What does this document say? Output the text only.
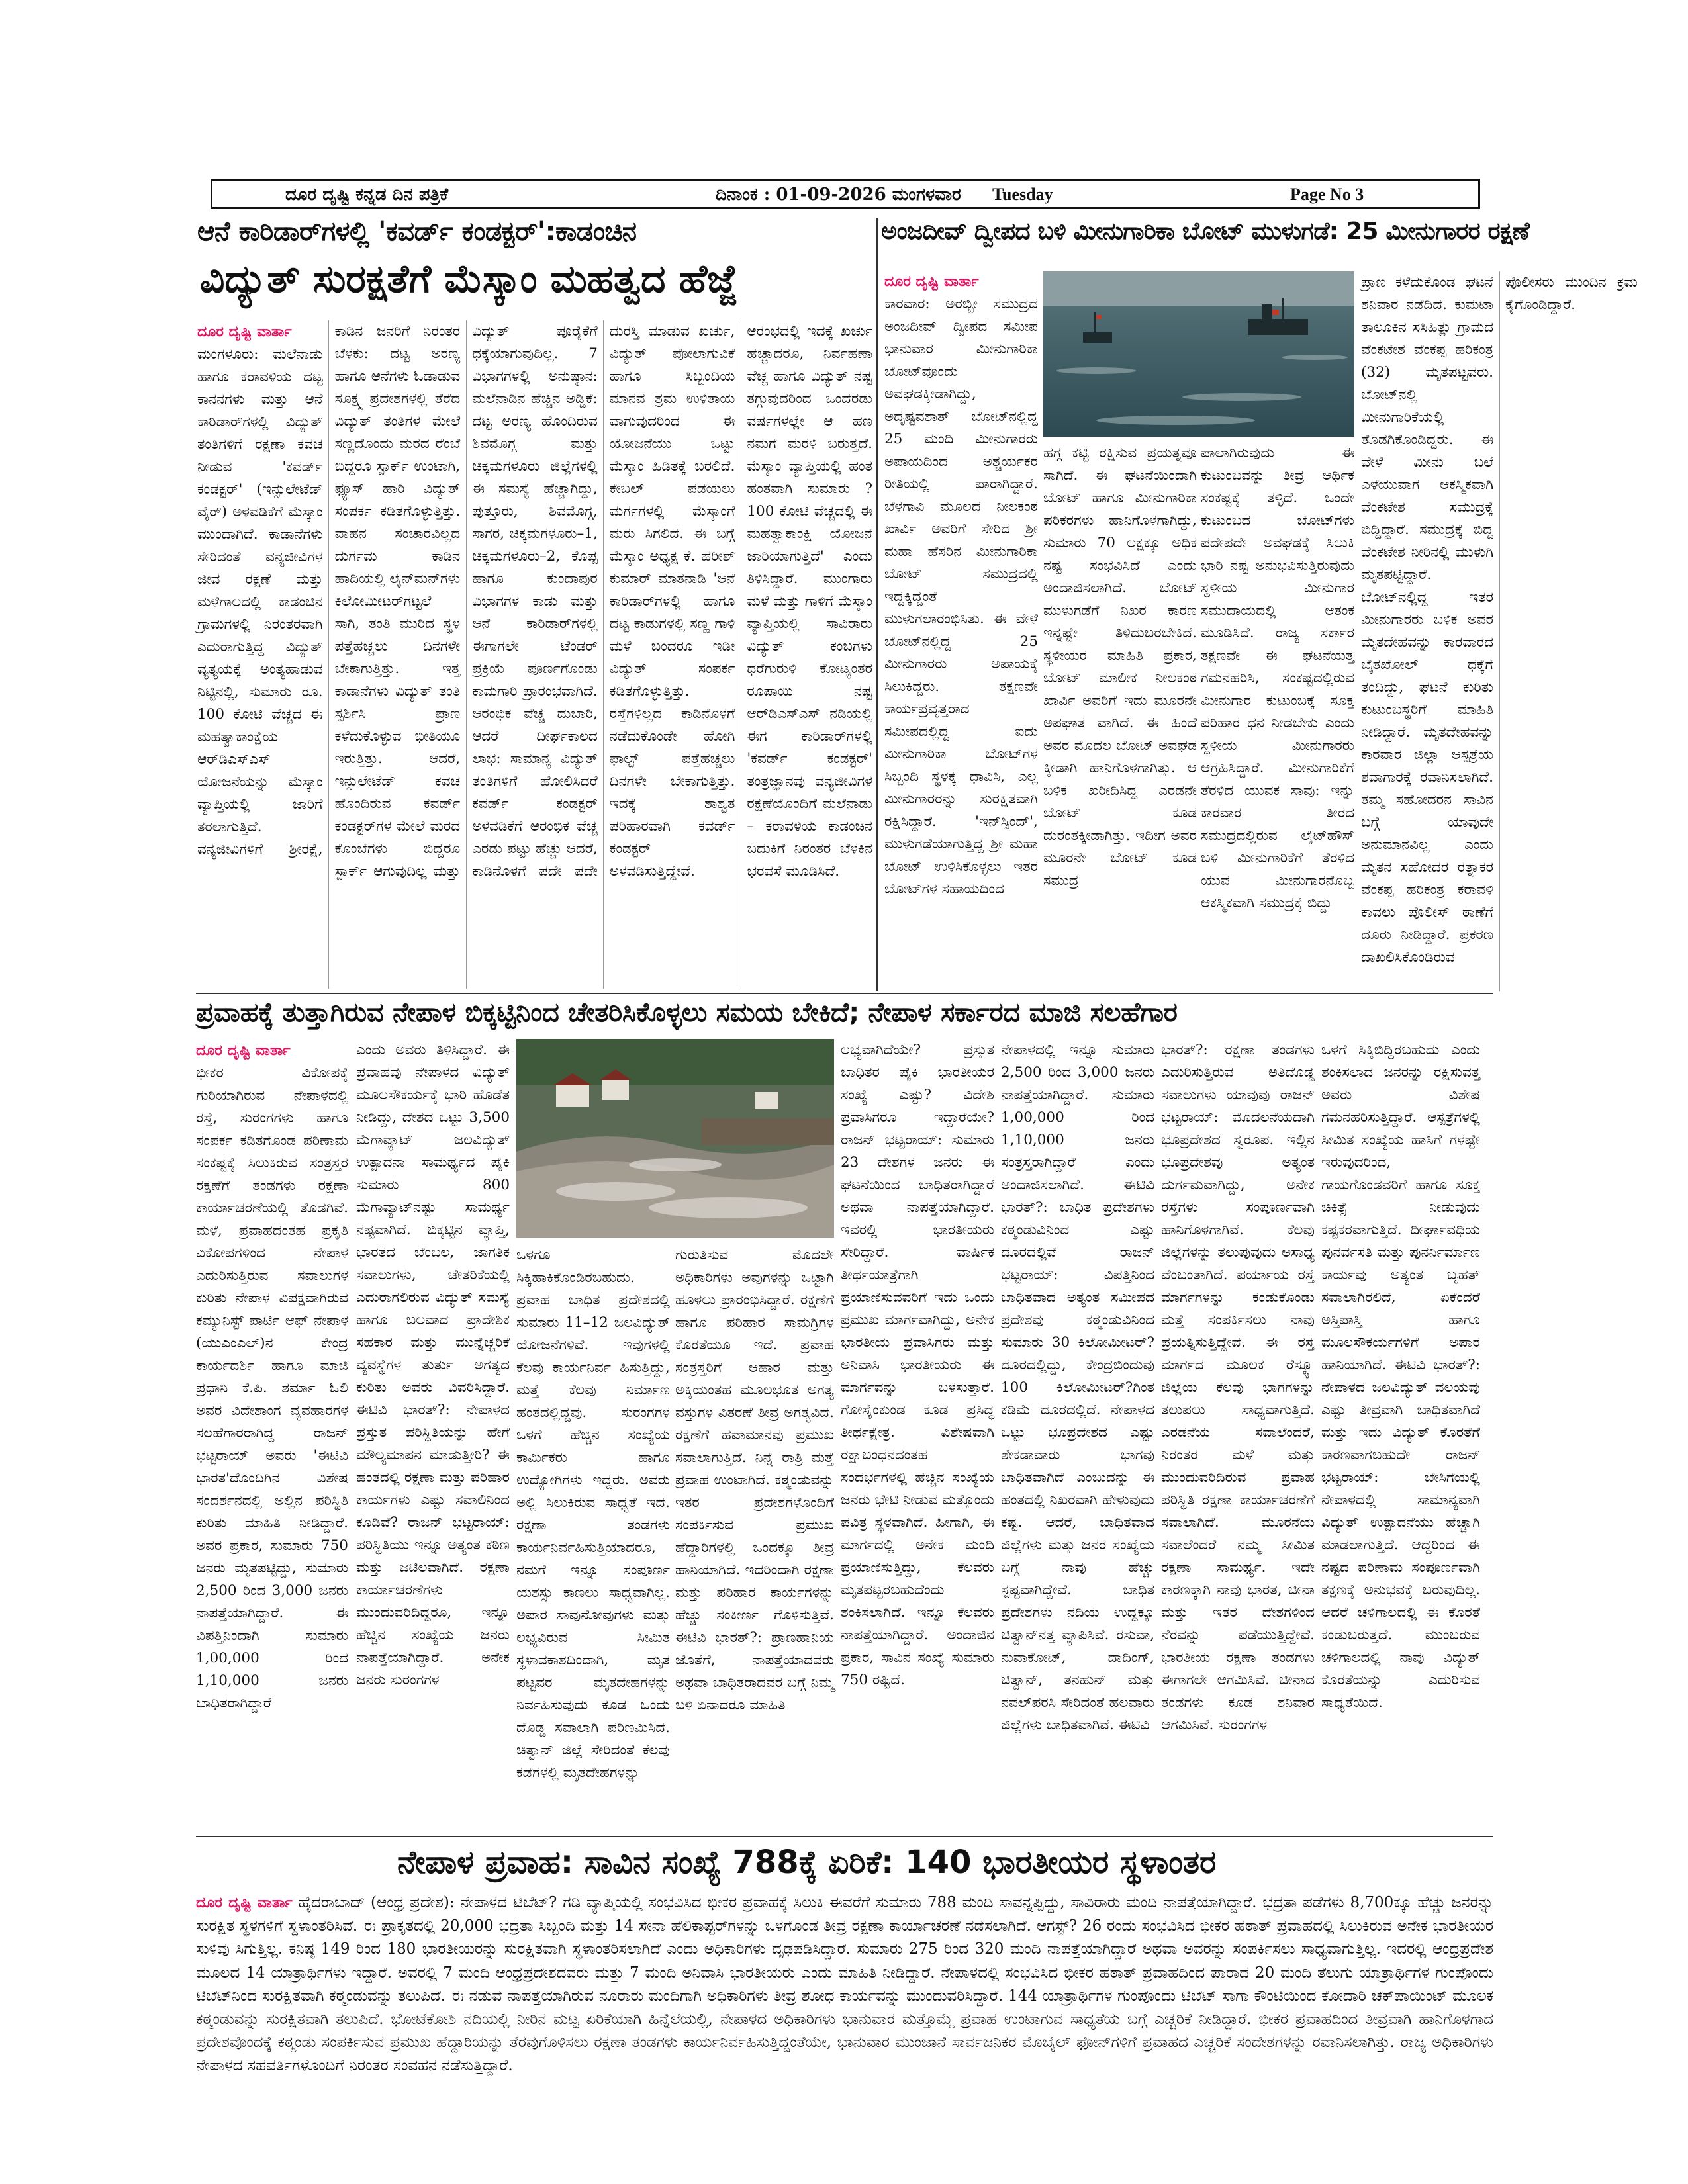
ದೂರ ದೃಷ್ಟಿ ಕನ್ನಡ ದಿನ ಪತ್ರಿಕೆ	ದಿನಾಂಕ : 01-09-2026 ಮಂಗಳವಾರ Tuesday	Page No 3
ಆನೆ ಕಾರಿಡಾರ್‌ಗಳಲ್ಲಿ 'ಕವರ್ಡ್ ಕಂಡಕ್ಟರ್':ಕಾಡಂಚಿನ
ವಿದ್ಯುತ್ ಸುರಕ್ಷತೆಗೆ ಮೆಸ್ಕಾಂ ಮಹತ್ವದ ಹೆಜ್ಜೆ

ದೂರ ದೃಷ್ಟಿ ವಾರ್ತಾ

ಮಂಗಳೂರು: ಮಲೆನಾಡು ಹಾಗೂ ಕರಾವಳಿಯ ದಟ್ಟ ಕಾನನಗಳು ಮತ್ತು ಆನೆ ಕಾರಿಡಾರ್‌ಗಳಲ್ಲಿ ವಿದ್ಯುತ್ ತಂತಿಗಳಿಗೆ ರಕ್ಷಣಾ ಕವಚ ನೀಡುವ 'ಕವರ್ಡ್ ಕಂಡಕ್ಟರ್' (ಇನ್ಸುಲೇಟೆಡ್ ವೈರ್) ಅಳವಡಿಕೆಗೆ ಮೆಸ್ಕಾಂ ಮುಂದಾಗಿದೆ. ಕಾಡಾನೆಗಳು ಸೇರಿದಂತೆ ವನ್ಯಜೀವಿಗಳ ಜೀವ ರಕ್ಷಣೆ ಮತ್ತು ಮಳೆಗಾಲದಲ್ಲಿ ಕಾಡಂಚಿನ ಗ್ರಾಮಗಳಲ್ಲಿ ನಿರಂತರವಾಗಿ ಎದುರಾಗುತ್ತಿದ್ದ ವಿದ್ಯುತ್ ವ್ಯತ್ಯಯಕ್ಕೆ ಅಂತ್ಯಹಾಡುವ ನಿಟ್ಟಿನಲ್ಲಿ, ಸುಮಾರು ರೂ. 100 ಕೋಟಿ ವೆಚ್ಚದ ಈ ಮಹತ್ವಾಕಾಂಕ್ಷೆಯ ಆರ್‌ಡಿಎಸ್‌ಎಸ್ ಯೋಜನೆಯನ್ನು ಮೆಸ್ಕಾಂ ವ್ಯಾಪ್ತಿಯಲ್ಲಿ ಜಾರಿಗೆ ತರಲಾಗುತ್ತಿದೆ. ವನ್ಯಜೀವಿಗಳಿಗೆ ಶ್ರೀರಕ್ಷೆ, ಕಾಡಿನ ಜನರಿಗೆ ನಿರಂತರ ಬೆಳಕು: ದಟ್ಟ ಅರಣ್ಯ ಹಾಗೂ ಆನೆಗಳು ಓಡಾಡುವ ಸೂಕ್ಷ್ಮ ಪ್ರದೇಶಗಳಲ್ಲಿ ತೆರೆದ ವಿದ್ಯುತ್ ತಂತಿಗಳ ಮೇಲೆ ಸಣ್ಣದೊಂದು ಮರದ ರೆಂಬೆ ಬಿದ್ದರೂ ಸ್ಪಾರ್ಕ್ ಉಂಟಾಗಿ, ಫ್ಯೂಸ್ ಹಾರಿ ವಿದ್ಯುತ್ ಸಂಪರ್ಕ ಕಡಿತಗೊಳ್ಳುತ್ತಿತ್ತು. ವಾಹನ ಸಂಚಾರವಿಲ್ಲದ ದುರ್ಗಮ ಕಾಡಿನ ಹಾದಿಯಲ್ಲಿ ಲೈನ್‌ಮನ್‌ಗಳು ಕಿಲೋಮೀಟರ್‌ಗಟ್ಟಲೆ ಸಾಗಿ, ತಂತಿ ಮುರಿದ ಸ್ಥಳ ಪತ್ತೆಹಚ್ಚಲು ದಿನಗಳೇ ಬೇಕಾಗುತ್ತಿತ್ತು. ಇತ್ತ ಕಾಡಾನೆಗಳು ವಿದ್ಯುತ್ ತಂತಿ ಸ್ಪರ್ಶಿಸಿ ಪ್ರಾಣ ಕಳೆದುಕೊಳ್ಳುವ ಭೀತಿಯೂ ಇರುತ್ತಿತ್ತು. ಆದರೆ, ಇನ್ಸುಲೇಟೆಡ್ ಕವಚ ಹೊಂದಿರುವ ಕವರ್ಡ್ ಕಂಡಕ್ಟರ್‌ಗಳ ಮೇಲೆ ಮರದ ಕೊಂಬೆಗಳು ಬಿದ್ದರೂ ಸ್ಪಾರ್ಕ್ ಆಗುವುದಿಲ್ಲ ಮತ್ತು ವಿದ್ಯುತ್ ಪೂರೈಕೆಗೆ ಧಕ್ಕೆಯಾಗುವುದಿಲ್ಲ. 7 ವಿಭಾಗಗಳಲ್ಲಿ ಅನುಷ್ಠಾನ: ಮಲೆನಾಡಿನ ಹೆಚ್ಚಿನ ಅಡ್ಡಿಕೆ: ದಟ್ಟ ಅರಣ್ಯ ಹೊಂದಿರುವ ಶಿವಮೊಗ್ಗ ಮತ್ತು ಚಿಕ್ಕಮಗಳೂರು ಜಿಲ್ಲೆಗಳಲ್ಲಿ ಈ ಸಮಸ್ಯೆ ಹೆಚ್ಚಾಗಿದ್ದು, ಪುತ್ತೂರು, ಶಿವಮೊಗ್ಗ, ಸಾಗರ, ಚಿಕ್ಕಮಗಳೂರು–1, ಚಿಕ್ಕಮಗಳೂರು–2, ಕೊಪ್ಪ ಹಾಗೂ ಕುಂದಾಪುರ ವಿಭಾಗಗಳ ಕಾಡು ಮತ್ತು ಆನೆ ಕಾರಿಡಾರ್‌ಗಳಲ್ಲಿ ಈಗಾಗಲೇ ಟೆಂಡರ್ ಪ್ರಕ್ರಿಯೆ ಪೂರ್ಣಗೊಂಡು ಕಾಮಗಾರಿ ಪ್ರಾರಂಭವಾಗಿದೆ. ಆರಂಭಿಕ ವೆಚ್ಚ ದುಬಾರಿ, ಆದರೆ ದೀರ್ಘಕಾಲದ ಲಾಭ: ಸಾಮಾನ್ಯ ವಿದ್ಯುತ್ ತಂತಿಗಳಿಗೆ ಹೋಲಿಸಿದರೆ ಕವರ್ಡ್ ಕಂಡಕ್ಟರ್ ಅಳವಡಿಕೆಗೆ ಆರಂಭಿಕ ವೆಚ್ಚ ಎರಡು ಪಟ್ಟು ಹೆಚ್ಚು ಆದರೆ, ಕಾಡಿನೊಳಗೆ ಪದೇ ಪದೇ ದುರಸ್ತಿ ಮಾಡುವ ಖರ್ಚು, ವಿದ್ಯುತ್ ಪೋಲಾಗುವಿಕೆ ಹಾಗೂ ಸಿಬ್ಬಂದಿಯ ಮಾನವ ಶ್ರಮ ಉಳಿತಾಯ ವಾಗುವುದರಿಂದ ಈ ಯೋಜನೆಯು ಒಟ್ಟು ಮೆಸ್ಕಾಂ ಹಿಡಿತಕ್ಕೆ ಬರಲಿದೆ. ಕೇಬಲ್ ಪಡೆಯಲು ಮರ್ಗಗಳಲ್ಲಿ ಮೆಸ್ಕಾಂಗೆ ಮರು ಸಿಗಲಿದೆ. ಈ ಬಗ್ಗೆ ಮೆಸ್ಕಾಂ ಅಧ್ಯಕ್ಷ ಕೆ. ಹರೀಶ್ ಕುಮಾರ್ ಮಾತನಾಡಿ 'ಆನೆ ಕಾರಿಡಾರ್‌ಗಳಲ್ಲಿ ಹಾಗೂ ದಟ್ಟ ಕಾಡುಗಳಲ್ಲಿ ಸಣ್ಣ ಗಾಳಿ ಮಳೆ ಬಂದರೂ ಇಡೀ ವಿದ್ಯುತ್ ಸಂಪರ್ಕ ಕಡಿತಗೊಳ್ಳುತ್ತಿತ್ತು. ರಸ್ತೆಗಳಿಲ್ಲದ ಕಾಡಿನೊಳಗೆ ನಡೆದುಕೊಂಡೇ ಹೋಗಿ ಫಾಲ್ಟ್ ಪತ್ತೆಹಚ್ಚಲು ದಿನಗಳೇ ಬೇಕಾಗುತ್ತಿತ್ತು. ಇದಕ್ಕೆ ಶಾಶ್ವತ ಪರಿಹಾರವಾಗಿ ಕವರ್ಡ್ ಕಂಡಕ್ಟರ್ ಅಳವಡಿಸುತ್ತಿದ್ದೇವೆ. ಆರಂಭದಲ್ಲಿ ಇದಕ್ಕೆ ಖರ್ಚು ಹೆಚ್ಚಾದರೂ, ನಿರ್ವಹಣಾ ವೆಚ್ಚ ಹಾಗೂ ವಿದ್ಯುತ್ ನಷ್ಟ ತಗ್ಗುವುದರಿಂದ ಒಂದೆರಡು ವರ್ಷಗಳಲ್ಲೇ ಆ ಹಣ ನಮಗೆ ಮರಳಿ ಬರುತ್ತದೆ. ಮೆಸ್ಕಾಂ ವ್ಯಾಪ್ತಿಯಲ್ಲಿ ಹಂತ ಹಂತವಾಗಿ ಸುಮಾರು ?100 ಕೋಟಿ ವೆಚ್ಚದಲ್ಲಿ ಈ ಮಹತ್ವಾಕಾಂಕ್ಷಿ ಯೋಜನೆ ಜಾರಿಯಾಗುತ್ತಿದೆ' ಎಂದು ತಿಳಿಸಿದ್ದಾರೆ. ಮುಂಗಾರು ಮಳೆ ಮತ್ತು ಗಾಳಿಗೆ ಮೆಸ್ಕಾಂ ವ್ಯಾಪ್ತಿಯಲ್ಲಿ ಸಾವಿರಾರು ವಿದ್ಯುತ್ ಕಂಬಗಳು ಧರೆಗುರುಳಿ ಕೋಟ್ಯಂತರ ರೂಪಾಯಿ ನಷ್ಟ ಆರ್‌ಡಿಎಸ್‌ಎಸ್ ನಡಿಯಲ್ಲಿ ಈಗ ಕಾರಿಡಾರ್‌ಗಳಲ್ಲಿ 'ಕವರ್ಡ್ ಕಂಡಕ್ಟರ್' ತಂತ್ರಜ್ಞಾನವು ವನ್ಯಜೀವಿಗಳ ರಕ್ಷಣೆಯೊಂದಿಗೆ ಮಲೆನಾಡು – ಕರಾವಳಿಯ ಕಾಡಂಚಿನ ಬದುಕಿಗೆ ನಿರಂತರ ಬೆಳಕಿನ ಭರವಸೆ ಮೂಡಿಸಿದೆ.

ಅಂಜದೀವ್ ದ್ವೀಪದ ಬಳಿ ಮೀನುಗಾರಿಕಾ ಬೋಟ್ ಮುಳುಗಡೆ: 25 ಮೀನುಗಾರರ ರಕ್ಷಣೆ

ದೂರ ದೃಷ್ಟಿ ವಾರ್ತಾ

ಕಾರವಾರ: ಅರಬ್ಬೀ ಸಮುದ್ರದ ಅಂಜದೀವ್ ದ್ವೀಪದ ಸಮೀಪ ಭಾನುವಾರ ಮೀನುಗಾರಿಕಾ ಬೋಟ್‌ವೊಂದು ಅವಘಡಕ್ಕೀಡಾಗಿದ್ದು, ಅದೃಷ್ಟವಶಾತ್ ಬೋಟ್‌ನಲ್ಲಿದ್ದ 25 ಮಂದಿ ಮೀನುಗಾರರು ಅಪಾಯದಿಂದ ಅಶ್ಚರ್ಯಕರ ರೀತಿಯಲ್ಲಿ ಪಾರಾಗಿದ್ದಾರೆ. ಬೆಳಗಾವಿ ಮೂಲದ ನೀಲಕಂಠ ಖಾರ್ವಿ ಅವರಿಗೆ ಸೇರಿದ ಶ್ರೀ ಮಹಾ ಹೆಸರಿನ ಮೀನುಗಾರಿಕಾ ಬೋಟ್ ಸಮುದ್ರದಲ್ಲಿ ಇದ್ದಕ್ಕಿದ್ದಂತೆ ಮುಳುಗಲಾರಂಭಿಸಿತು. ಈ ವೇಳೆ ಬೋಟ್‌ನಲ್ಲಿದ್ದ 25 ಮೀನುಗಾರರು ಅಪಾಯಕ್ಕೆ ಸಿಲುಕಿದ್ದರು. ತಕ್ಷಣವೇ ಕಾರ್ಯಪ್ರವೃತ್ತರಾದ ಸಮೀಪದಲ್ಲಿದ್ದ ಐದು ಮೀನುಗಾರಿಕಾ ಬೋಟ್‌ಗಳ ಸಿಬ್ಬಂದಿ ಸ್ಥಳಕ್ಕೆ ಧಾವಿಸಿ, ಎಲ್ಲ ಮೀನುಗಾರರನ್ನು ಸುರಕ್ಷಿತವಾಗಿ ರಕ್ಷಿಸಿದ್ದಾರೆ. 'ಇನ್‌ಸ್ಪಿಂದ್', ಮುಳುಗಡೆಯಾಗುತ್ತಿದ್ದ ಶ್ರೀ ಮಹಾ ಬೋಟ್ ಉಳಿಸಿಕೊಳ್ಳಲು ಇತರ ಬೋಟ್‌ಗಳ ಸಹಾಯದಿಂದ

ಹಗ್ಗ ಕಟ್ಟಿ ರಕ್ಷಿಸುವ ಪ್ರಯತ್ನವೂ ಸಾಗಿದೆ. ಈ ಘಟನೆಯಿಂದಾಗಿ ಬೋಟ್ ಹಾಗೂ ಮೀನುಗಾರಿಕಾ ಪರಿಕರಗಳು ಹಾನಿಗೊಳಗಾಗಿದ್ದು, ಸುಮಾರು 70 ಲಕ್ಷಕ್ಕೂ ಅಧಿಕ ನಷ್ಟ ಸಂಭವಿಸಿದೆ ಎಂದು ಅಂದಾಜಿಸಲಾಗಿದೆ. ಬೋಟ್ ಮುಳುಗಡೆಗೆ ನಿಖರ ಕಾರಣ ಇನ್ನಷ್ಟೇ ತಿಳಿದುಬರಬೇಕಿದೆ. ಸ್ಥಳೀಯರ ಮಾಹಿತಿ ಪ್ರಕಾರ, ಬೋಟ್ ಮಾಲೀಕ ನೀಲಕಂಠ ಖಾರ್ವಿ ಅವರಿಗೆ ಇದು ಮೂರನೇ ಅಪಘಾತ ವಾಗಿದೆ. ಈ ಹಿಂದೆ ಅವರ ಮೊದಲ ಬೋಟ್ ಅವಘಡ ಕ್ಕೀಡಾಗಿ ಹಾನಿಗೊಳಗಾಗಿತ್ತು. ಆ ಬಳಿಕ ಖರೀದಿಸಿದ್ದ ಎರಡನೇ ಬೋಟ್ ಕೂಡ ದುರಂತಕ್ಕೀಡಾಗಿತ್ತು. ಇದೀಗ ಅವರ ಮೂರನೇ ಬೋಟ್ ಕೂಡ ಸಮುದ್ರ

ಪಾಲಾಗಿರುವುದು ಈ ಕುಟುಂಬವನ್ನು ತೀವ್ರ ಆರ್ಥಿಕ ಸಂಕಷ್ಟಕ್ಕೆ ತಳ್ಳಿದೆ. ಒಂದೇ ಕುಟುಂಬದ ಬೋಟ್‌ಗಳು ಪದೇಪದೇ ಅವಘಡಕ್ಕೆ ಸಿಲುಕಿ ಭಾರಿ ನಷ್ಟ ಅನುಭವಿಸುತ್ತಿರುವುದು ಸ್ಥಳೀಯ ಮೀನುಗಾರ ಸಮುದಾಯದಲ್ಲಿ ಆತಂಕ ಮೂಡಿಸಿದೆ. ರಾಜ್ಯ ಸರ್ಕಾರ ತಕ್ಷಣವೇ ಈ ಘಟನೆಯತ್ತ ಗಮನಹರಿಸಿ, ಸಂಕಷ್ಟದಲ್ಲಿರುವ ಮೀನುಗಾರ ಕುಟುಂಬಕ್ಕೆ ಸೂಕ್ತ ಪರಿಹಾರ ಧನ ನೀಡಬೇಕು ಎಂದು ಸ್ಥಳೀಯ ಮೀನುಗಾರರು ಆಗ್ರಹಿಸಿದ್ದಾರೆ. ಮೀನುಗಾರಿಕೆಗೆ ತೆರಳಿದ ಯುವಕ ಸಾವು: ಇನ್ನು ಕಾರವಾರ ತೀರದ ಸಮುದ್ರದಲ್ಲಿರುವ ಲೈಟ್‌ಹೌಸ್ ಬಳಿ ಮೀನುಗಾರಿಕೆಗೆ ತೆರಳಿದ ಯುವ ಮೀನುಗಾರನೊಬ್ಬ ಆಕಸ್ಮಿಕವಾಗಿ ಸಮುದ್ರಕ್ಕೆ ಬಿದ್ದು

ಪ್ರಾಣ ಕಳೆದುಕೊಂಡ ಘಟನೆ ಶನಿವಾರ ನಡೆದಿದೆ. ಕುಮಟಾ ತಾಲೂಕಿನ ಸಸಿಹಿತ್ಲು ಗ್ರಾಮದ ವೆಂಕಟೇಶ ವೆಂಕಪ್ಪ ಹರಿಕಂತ್ರ (32) ಮೃತಪಟ್ಟವರು. ಬೋಟ್‌ನಲ್ಲಿ ಮೀನುಗಾರಿಕೆಯಲ್ಲಿ ತೊಡಗಿಕೊಂಡಿದ್ದರು. ಈ ವೇಳೆ ಮೀನು ಬಲೆ ಎಳೆಯುವಾಗ ಆಕಸ್ಮಿಕವಾಗಿ ವೆಂಕಟೇಶ ಸಮುದ್ರಕ್ಕೆ ಬಿದ್ದಿದ್ದಾರೆ. ಸಮುದ್ರಕ್ಕೆ ಬಿದ್ದ ವೆಂಕಟೇಶ ನೀರಿನಲ್ಲಿ ಮುಳುಗಿ ಮೃತಪಟ್ಟಿದ್ದಾರೆ. ಬೋಟ್‌ನಲ್ಲಿದ್ದ ಇತರ ಮೀನುಗಾರರು ಬಳಿಕ ಅವರ ಮೃತದೇಹವನ್ನು ಕಾರವಾರದ ಬೈತಖೋಲ್ ಧಕ್ಕೆಗೆ ತಂದಿದ್ದು, ಘಟನೆ ಕುರಿತು ಕುಟುಂಬಸ್ಥರಿಗೆ ಮಾಹಿತಿ ನೀಡಿದ್ದಾರೆ. ಮೃತದೇಹವನ್ನು ಕಾರವಾರ ಜಿಲ್ಲಾ ಆಸ್ಪತ್ರೆಯ ಶವಾಗಾರಕ್ಕೆ ರವಾನಿಸಲಾಗಿದೆ. ತಮ್ಮ ಸಹೋದರನ ಸಾವಿನ ಬಗ್ಗೆ ಯಾವುದೇ ಅನುಮಾನವಿಲ್ಲ ಎಂದು ಮೃತನ ಸಹೋದರ ರತ್ನಾಕರ ವೆಂಕಪ್ಪ ಹರಿಕಂತ್ರ ಕರಾವಳಿ ಕಾವಲು ಪೊಲೀಸ್ ಠಾಣೆಗೆ ದೂರು ನೀಡಿದ್ದಾರೆ. ಪ್ರಕರಣ ದಾಖಲಿಸಿಕೊಂಡಿರುವ ಪೊಲೀಸರು ಮುಂದಿನ ಕ್ರಮ ಕೈಗೊಂಡಿದ್ದಾರೆ.

ಪ್ರವಾಹಕ್ಕೆ ತುತ್ತಾಗಿರುವ ನೇಪಾಳ ಬಿಕ್ಕಟ್ಟಿನಿಂದ ಚೇತರಿಸಿಕೊಳ್ಳಲು ಸಮಯ ಬೇಕಿದೆ; ನೇಪಾಳ ಸರ್ಕಾರದ ಮಾಜಿ ಸಲಹೆಗಾರ

ದೂರ ದೃಷ್ಟಿ ವಾರ್ತಾ

ಭೀಕರ ವಿಕೋಪಕ್ಕೆ ಗುರಿಯಾಗಿರುವ ನೇಪಾಳದಲ್ಲಿ ರಸ್ತೆ, ಸುರಂಗಗಳು ಹಾಗೂ ಸಂಪರ್ಕ ಕಡಿತಗೊಂಡ ಪರಿಣಾಮ ಸಂಕಷ್ಟಕ್ಕೆ ಸಿಲುಕಿರುವ ಸಂತ್ರಸ್ತರ ರಕ್ಷಣೆಗೆ ತಂಡಗಳು ರಕ್ಷಣಾ ಕಾರ್ಯಾಚರಣೆಯಲ್ಲಿ ತೊಡಗಿವೆ. ಮಳೆ, ಪ್ರವಾಹದಂತಹ ಪ್ರಕೃತಿ ವಿಕೋಪಗಳಿಂದ ನೇಪಾಳ ಎದುರಿಸುತ್ತಿರುವ ಸವಾಲುಗಳ ಕುರಿತು ನೇಪಾಳ ವಿಪಕ್ಷವಾಗಿರುವ ಕಮ್ಯುನಿಸ್ಟ್ ಪಾರ್ಟಿ ಆಫ್ ನೇಪಾಳ (ಯುಎಂಎಲ್)ನ ಕೇಂದ್ರ ಕಾರ್ಯದರ್ಶಿ ಹಾಗೂ ಮಾಜಿ ಪ್ರಧಾನಿ ಕೆ.ಪಿ. ಶರ್ಮಾ ಓಲಿ ಅವರ ವಿದೇಶಾಂಗ ವ್ಯವಹಾರಗಳ ಸಲಹೆಗಾರರಾಗಿದ್ದ ರಾಜನ್ ಭಟ್ಟರಾಯ್ ಅವರು 'ಈಟಿವಿ ಭಾರತ'ದೊಂದಿಗಿನ ವಿಶೇಷ ಸಂದರ್ಶನದಲ್ಲಿ ಅಲ್ಲಿನ ಪರಿಸ್ಥಿತಿ ಕುರಿತು ಮಾಹಿತಿ ನೀಡಿದ್ದಾರೆ. ಅವರ ಪ್ರಕಾರ, ಸುಮಾರು 750 ಜನರು ಮೃತಪಟ್ಟಿದ್ದು, ಸುಮಾರು 2,500 ರಿಂದ 3,000 ಜನರು ನಾಪತ್ತೆಯಾಗಿದ್ದಾರೆ. ಈ ವಿಪತ್ತಿನಿಂದಾಗಿ ಸುಮಾರು 1,00,000 ರಿಂದ 1,10,000 ಜನರು ಬಾಧಿತರಾಗಿದ್ದಾರೆ

ಎಂದು ಅವರು ತಿಳಿಸಿದ್ದಾರೆ. ಈ ಪ್ರವಾಹವು ನೇಪಾಳದ ವಿದ್ಯುತ್ ಮೂಲಸೌಕರ್ಯಕ್ಕೆ ಭಾರಿ ಹೊಡೆತ ನೀಡಿದ್ದು, ದೇಶದ ಒಟ್ಟು 3,500 ಮೆಗಾವ್ಯಾಟ್ ಜಲವಿದ್ಯುತ್ ಉತ್ಪಾದನಾ ಸಾಮರ್ಥ್ಯದ ಪೈಕಿ ಸುಮಾರು 800 ಮೆಗಾವ್ಯಾಟ್‌ನಷ್ಟು ಸಾಮರ್ಥ್ಯ ನಷ್ಟವಾಗಿದೆ. ಬಿಕ್ಕಟ್ಟಿನ ವ್ಯಾಪ್ತಿ, ಭಾರತದ ಬೆಂಬಲ, ಜಾಗತಿಕ ಸವಾಲುಗಳು, ಚೇತರಿಕೆಯಲ್ಲಿ ಎದುರಾಗಲಿರುವ ವಿದ್ಯುತ್ ಸಮಸ್ಯೆ ಹಾಗೂ ಬಲವಾದ ಪ್ರಾದೇಶಿಕ ಸಹಕಾರ ಮತ್ತು ಮುನ್ನೆಚ್ಚರಿಕೆ ವ್ಯವಸ್ಥೆಗಳ ತುರ್ತು ಅಗತ್ಯದ ಕುರಿತು ಅವರು ವಿವರಿಸಿದ್ದಾರೆ. ಈಟಿವಿ ಭಾರತ್?: ನೇಪಾಳದ ಪ್ರಸ್ತುತ ಪರಿಸ್ಥಿತಿಯನ್ನು ಹೇಗೆ ಮೌಲ್ಯಮಾಪನ ಮಾಡುತ್ತೀರಿ? ಈ ಹಂತದಲ್ಲಿ ರಕ್ಷಣಾ ಮತ್ತು ಪರಿಹಾರ ಕಾರ್ಯಗಳು ಎಷ್ಟು ಸವಾಲಿನಿಂದ ಕೂಡಿವೆ? ರಾಜನ್ ಭಟ್ಟರಾಯ್: ಪರಿಸ್ಥಿತಿಯು ಇನ್ನೂ ಅತ್ಯಂತ ಕಠಿಣ ಮತ್ತು ಜಟಿಲವಾಗಿದೆ. ರಕ್ಷಣಾ ಕಾರ್ಯಾಚರಣೆಗಳು ಮುಂದುವರಿದಿದ್ದರೂ, ಇನ್ನೂ ಹೆಚ್ಚಿನ ಸಂಖ್ಯೆಯ ಜನರು ನಾಪತ್ತೆಯಾಗಿದ್ದಾರೆ. ಅನೇಕ ಜನರು ಸುರಂಗಗಳ

ಒಳಗೂ ಸಿಕ್ಕಿಹಾಕಿಕೊಂಡಿರಬಹುದು. ಪ್ರವಾಹ ಬಾಧಿತ ಪ್ರದೇಶದಲ್ಲಿ ಸುಮಾರು 11–12 ಜಲವಿದ್ಯುತ್ ಯೋಜನೆಗಳಿವೆ. ಇವುಗಳಲ್ಲಿ ಕೆಲವು ಕಾರ್ಯನಿರ್ವ ಹಿಸುತ್ತಿದ್ದು, ಮತ್ತೆ ಕೆಲವು ನಿರ್ಮಾಣ ಹಂತದಲ್ಲಿದ್ದವು. ಸುರಂಗಗಳ ಒಳಗೆ ಹೆಚ್ಚಿನ ಸಂಖ್ಯೆಯ ಕಾರ್ಮಿಕರು ಹಾಗೂ ಉದ್ಯೋಗಿಗಳು ಇದ್ದರು. ಅವರು ಅಲ್ಲಿ ಸಿಲುಕಿರುವ ಸಾಧ್ಯತೆ ಇದೆ. ರಕ್ಷಣಾ ತಂಡಗಳು ಕಾರ್ಯನಿರ್ವಹಿಸುತ್ತಿಯಾದರೂ, ನಮಗೆ ಇನ್ನೂ ಸಂಪೂರ್ಣ ಯಶಸ್ಸು ಕಾಣಲು ಸಾಧ್ಯವಾಗಿಲ್ಲ. ಅಪಾರ ಸಾವುನೋವುಗಳು ಮತ್ತು ಲಭ್ಯವಿರುವ ಸೀಮಿತ ಸ್ಥಳಾವಕಾಶದಿಂದಾಗಿ, ಮೃತ ಪಟ್ಟವರ ಮೃತದೇಹಗಳನ್ನು ನಿರ್ವಹಿಸುವುದು ಕೂಡ ಒಂದು ದೊಡ್ಡ ಸವಾಲಾಗಿ ಪರಿಣಮಿಸಿದೆ. ಚಿತ್ವಾನ್ ಜಿಲ್ಲೆ ಸೇರಿದಂತೆ ಕೆಲವು ಕಡೆಗಳಲ್ಲಿ ಮೃತದೇಹಗಳನ್ನು

ಗುರುತಿಸುವ ಮೊದಲೇ ಅಧಿಕಾರಿಗಳು ಅವುಗಳನ್ನು ಒಟ್ಟಾಗಿ ಹೂಳಲು ಪ್ರಾರಂಭಿಸಿದ್ದಾರೆ. ರಕ್ಷಣೆಗೆ ಹಾಗೂ ಪರಿಹಾರ ಸಾಮಗ್ರಿಗಳ ಕೊರತೆಯೂ ಇದೆ. ಪ್ರವಾಹ ಸಂತ್ರಸ್ತರಿಗೆ ಆಹಾರ ಮತ್ತು ಅಕ್ಕಿಯಂತಹ ಮೂಲಭೂತ ಅಗತ್ಯ ವಸ್ತುಗಳ ವಿತರಣೆ ತೀವ್ರ ಅಗತ್ಯವಿದೆ. ರಕ್ಷಣೆಗೆ ಹವಾಮಾನವು ಪ್ರಮುಖ ಸವಾಲಾಗುತ್ತಿದೆ. ನಿನ್ನೆ ರಾತ್ರಿ ಮತ್ತೆ ಪ್ರವಾಹ ಉಂಟಾಗಿದೆ. ಕಠ್ಮಂಡುವನ್ನು ಇತರ ಪ್ರದೇಶಗಳೊಂದಿಗೆ ಸಂಪರ್ಕಿಸುವ ಪ್ರಮುಖ ಹೆದ್ದಾರಿಗಳಲ್ಲಿ ಒಂದಕ್ಕೂ ತೀವ್ರ ಹಾನಿಯಾಗಿದೆ. ಇದರಿಂದಾಗಿ ರಕ್ಷಣಾ ಮತ್ತು ಪರಿಹಾರ ಕಾರ್ಯಗಳನ್ನು ಹೆಚ್ಚು ಸಂಕೀರ್ಣ ಗೊಳಿಸುತ್ತಿವೆ. ಈಟಿವಿ ಭಾರತ್?: ಪ್ರಾಣಹಾನಿಯ ಜೊತೆಗೆ, ನಾಪತ್ತೆಯಾದವರು ಅಥವಾ ಬಾಧಿತರಾದವರ ಬಗ್ಗೆ ನಿಮ್ಮ ಬಳಿ ಏನಾದರೂ ಮಾಹಿತಿ

ಲಭ್ಯವಾಗಿದೆಯೇ? ಪ್ರಸ್ತುತ ಬಾಧಿತರ ಪೈಕಿ ಭಾರತೀಯರ ಸಂಖ್ಯೆ ಎಷ್ಟು? ವಿದೇಶಿ ಪ್ರವಾಸಿಗರೂ ಇದ್ದಾರೆಯೇ? ರಾಜನ್ ಭಟ್ಟರಾಯ್: ಸುಮಾರು 23 ದೇಶಗಳ ಜನರು ಈ ಘಟನೆಯಿಂದ ಬಾಧಿತರಾಗಿದ್ದಾರೆ ಅಥವಾ ನಾಪತ್ತೆಯಾಗಿದ್ದಾರೆ. ಇವರಲ್ಲಿ ಭಾರತೀಯರು ಸೇರಿದ್ದಾರೆ. ವಾರ್ಷಿಕ ತೀರ್ಥಯಾತ್ರೆಗಾಗಿ ಪ್ರಯಾಣಿಸುವವರಿಗೆ ಇದು ಒಂದು ಪ್ರಮುಖ ಮಾರ್ಗವಾಗಿದ್ದು, ಅನೇಕ ಭಾರತೀಯ ಪ್ರವಾಸಿಗರು ಮತ್ತು ಅನಿವಾಸಿ ಭಾರತೀಯರು ಈ ಮಾರ್ಗವನ್ನು ಬಳಸುತ್ತಾರೆ. ಗೋಸೈಂಕುಂಡ ಕೂಡ ಪ್ರಸಿದ್ಧ ತೀರ್ಥಕ್ಷೇತ್ರ. ವಿಶೇಷವಾಗಿ ರಕ್ಷಾಬಂಧನದಂತಹ ಸಂದರ್ಭಗಳಲ್ಲಿ ಹೆಚ್ಚಿನ ಸಂಖ್ಯೆಯ ಜನರು ಭೇಟಿ ನೀಡುವ ಮತ್ತೊಂದು ಪವಿತ್ರ ಸ್ಥಳವಾಗಿದೆ. ಹೀಗಾಗಿ, ಈ ಮಾರ್ಗದಲ್ಲಿ ಅನೇಕ ಮಂದಿ ಪ್ರಯಾಣಿಸುತ್ತಿದ್ದು, ಕೆಲವರು ಮೃತಪಟ್ಟರಬಹುದೆಂದು ಶಂಕಿಸಲಾಗಿದೆ. ಇನ್ನೂ ಕೆಲವರು ನಾಪತ್ತೆಯಾಗಿದ್ದಾರೆ. ಅಂದಾಜಿನ ಪ್ರಕಾರ, ಸಾವಿನ ಸಂಖ್ಯೆ ಸುಮಾರು 750 ರಷ್ಟಿದೆ.

ನೇಪಾಳದಲ್ಲಿ ಇನ್ನೂ ಸುಮಾರು 2,500 ರಿಂದ 3,000 ಜನರು ನಾಪತ್ತೆಯಾಗಿದ್ದಾರೆ. ಸುಮಾರು 1,00,000 ರಿಂದ 1,10,000 ಜನರು ಸಂತ್ರಸ್ತರಾಗಿದ್ದಾರೆ ಎಂದು ಅಂದಾಜಿಸಲಾಗಿದೆ. ಈಟಿವಿ ಭಾರತ್?: ಬಾಧಿತ ಪ್ರದೇಶಗಳು ಕಠ್ಮಂಡುವಿನಿಂದ ಎಷ್ಟು ದೂರದಲ್ಲಿವೆ ರಾಜನ್ ಭಟ್ಟರಾಯ್: ವಿಪತ್ತಿನಿಂದ ಬಾಧಿತವಾದ ಅತ್ಯಂತ ಸಮೀಪದ ಪ್ರದೇಶವು ಕಠ್ಮಂಡುವಿನಿಂದ ಸುಮಾರು 30 ಕಿಲೋಮೀಟರ್? ದೂರದಲ್ಲಿದ್ದು, ಕೇಂದ್ರಬಿಂದುವು 100 ಕಿಲೋಮೀಟರ್?ಗಿಂತ ಕಡಿಮೆ ದೂರದಲ್ಲಿದೆ. ನೇಪಾಳದ ಒಟ್ಟು ಭೂಪ್ರದೇಶದ ಎಷ್ಟು ಶೇಕಡಾವಾರು ಭಾಗವು ಬಾಧಿತವಾಗಿದೆ ಎಂಬುದನ್ನು ಈ ಹಂತದಲ್ಲಿ ನಿಖರವಾಗಿ ಹೇಳುವುದು ಕಷ್ಟ. ಆದರೆ, ಬಾಧಿತವಾದ ಜಿಲ್ಲೆಗಳು ಮತ್ತು ಜನರ ಸಂಖ್ಯೆಯ ಬಗ್ಗೆ ನಾವು ಹೆಚ್ಚು ಸ್ಪಷ್ಟವಾಗಿದ್ದೇವೆ. ಬಾಧಿತ ಪ್ರದೇಶಗಳು ನದಿಯ ಉದ್ದಕ್ಕೂ ಚಿತ್ವಾನ್‌ನತ್ತ ವ್ಯಾಪಿಸಿವೆ. ರಸುವಾ, ನುವಾಕೋಟ್, ದಾದಿಂಗ್, ಚಿತ್ವಾನ್, ತನಹುನ್ ಮತ್ತು ನವಲ್‌ಪರಸಿ ಸೇರಿದಂತೆ ಹಲವಾರು ಜಿಲ್ಲೆಗಳು ಬಾಧಿತವಾಗಿವೆ. ಈಟಿವಿ

ಭಾರತ್?: ರಕ್ಷಣಾ ತಂಡಗಳು ಎದುರಿಸುತ್ತಿರುವ ಅತಿದೊಡ್ಡ ಸವಾಲುಗಳು ಯಾವುವು ರಾಜನ್ ಭಟ್ಟರಾಯ್: ಮೊದಲನೆಯದಾಗಿ ಭೂಪ್ರದೇಶದ ಸ್ವರೂಪ. ಇಲ್ಲಿನ ಭೂಪ್ರದೇಶವು ಅತ್ಯಂತ ದುರ್ಗಮವಾಗಿದ್ದು, ಅನೇಕ ರಸ್ತೆಗಳು ಸಂಪೂರ್ಣವಾಗಿ ಹಾನಿಗೊಳಗಾಗಿವೆ. ಕೆಲವು ಜಿಲ್ಲೆಗಳನ್ನು ತಲುಪುವುದು ಅಸಾಧ್ಯ ವೆಂಬಂತಾಗಿದೆ. ಪರ್ಯಾಯ ರಸ್ತೆ ಮಾರ್ಗಗಳನ್ನು ಕಂಡುಕೊಂಡು ಮತ್ತೆ ಸಂಪರ್ಕಿಸಲು ನಾವು ಪ್ರಯತ್ನಿಸುತ್ತಿದ್ದೇವೆ. ಈ ರಸ್ತೆ ಮಾರ್ಗದ ಮೂಲಕ ರೆಸ್ಕ್ಯೂ ಜಿಲ್ಲೆಯ ಕೆಲವು ಭಾಗಗಳನ್ನು ತಲುಪಲು ಸಾಧ್ಯವಾಗುತ್ತಿದೆ. ಎರಡನೆಯ ಸವಾಲೆಂದರೆ, ನಿರಂತರ ಮಳೆ ಮತ್ತು ಮುಂದುವರಿದಿರುವ ಪ್ರವಾಹ ಪರಿಸ್ಥಿತಿ ರಕ್ಷಣಾ ಕಾರ್ಯಾಚರಣೆಗೆ ಸವಾಲಾಗಿದೆ. ಮೂರನೆಯ ಸವಾಲೆಂದರೆ ನಮ್ಮ ಸೀಮಿತ ರಕ್ಷಣಾ ಸಾಮರ್ಥ್ಯ. ಇದೇ ಕಾರಣಕ್ಕಾಗಿ ನಾವು ಭಾರತ, ಚೀನಾ ಮತ್ತು ಇತರ ದೇಶಗಳಿಂದ ನೆರವನ್ನು ಪಡೆಯುತ್ತಿದ್ದೇವೆ. ಭಾರತೀಯ ರಕ್ಷಣಾ ತಂಡಗಳು ಈಗಾಗಲೇ ಆಗಮಿಸಿವೆ. ಚೀನಾದ ತಂಡಗಳು ಕೂಡ ಶನಿವಾರ ಆಗಮಿಸಿವೆ. ಸುರಂಗಗಳ

ಒಳಗೆ ಸಿಕ್ಕಿಬಿದ್ದಿರಬಹುದು ಎಂದು ಶಂಕಿಸಲಾದ ಜನರನ್ನು ರಕ್ಷಿಸುವತ್ತ ಅವರು ವಿಶೇಷ ಗಮನಹರಿಸುತ್ತಿದ್ದಾರೆ. ಆಸ್ಪತ್ರೆಗಳಲ್ಲಿ ಸೀಮಿತ ಸಂಖ್ಯೆಯ ಹಾಸಿಗೆ ಗಳಷ್ಟೇ ಇರುವುದರಿಂದ, ಗಾಯಗೊಂಡವರಿಗೆ ಹಾಗೂ ಸೂಕ್ತ ಚಿಕಿತ್ಸೆ ನೀಡುವುದು ಕಷ್ಟಕರವಾಗುತ್ತಿದೆ. ದೀರ್ಘಾವಧಿಯ ಪುನರ್ವಸತಿ ಮತ್ತು ಪುನರ್ನಿರ್ಮಾಣ ಕಾರ್ಯವು ಅತ್ಯಂತ ಬೃಹತ್ ಸವಾಲಾಗಿರಲಿದೆ, ಏಕೆಂದರೆ ಅಸ್ತಿಪಾಸ್ತಿ ಹಾಗೂ ಮೂಲಸೌಕರ್ಯಗಳಿಗೆ ಅಪಾರ ಹಾನಿಯಾಗಿದೆ. ಈಟಿವಿ ಭಾರತ್?: ನೇಪಾಳದ ಜಲವಿದ್ಯುತ್ ವಲಯವು ಎಷ್ಟು ತೀವ್ರವಾಗಿ ಬಾಧಿತವಾಗಿದೆ ಮತ್ತು ಇದು ವಿದ್ಯುತ್ ಕೊರತೆಗೆ ಕಾರಣವಾಗಬಹುದೇ ರಾಜನ್ ಭಟ್ಟರಾಯ್: ಬೇಸಿಗೆಯಲ್ಲಿ ನೇಪಾಳದಲ್ಲಿ ಸಾಮಾನ್ಯವಾಗಿ ವಿದ್ಯುತ್ ಉತ್ಪಾದನೆಯು ಹೆಚ್ಚಾಗಿ ಮಾಡಲಾಗುತ್ತಿದೆ. ಆದ್ದರಿಂದ ಈ ನಷ್ಟದ ಪರಿಣಾಮ ಸಂಪೂರ್ಣವಾಗಿ ತಕ್ಷಣಕ್ಕೆ ಅನುಭವಕ್ಕೆ ಬರುವುದಿಲ್ಲ. ಆದರೆ ಚಳಿಗಾಲದಲ್ಲಿ ಈ ಕೊರತೆ ಕಂಡುಬರುತ್ತದೆ. ಮುಂಬರುವ ಚಳಿಗಾಲದಲ್ಲಿ ನಾವು ವಿದ್ಯುತ್ ಕೊರತೆಯನ್ನು ಎದುರಿಸುವ ಸಾಧ್ಯತೆಯಿದೆ.

ನೇಪಾಳ ಪ್ರವಾಹ: ಸಾವಿನ ಸಂಖ್ಯೆ 788ಕ್ಕೆ ಏರಿಕೆ: 140 ಭಾರತೀಯರ ಸ್ಥಳಾಂತರ
ದೂರ ದೃಷ್ಟಿ ವಾರ್ತಾ ಹೈದರಾಬಾದ್ (ಆಂಧ್ರ ಪ್ರದೇಶ): ನೇಪಾಳದ ಟಿಬೆಟ್? ಗಡಿ ವ್ಯಾಪ್ತಿಯಲ್ಲಿ ಸಂಭವಿಸಿದ ಭೀಕರ ಪ್ರವಾಹಕ್ಕೆ ಸಿಲುಕಿ ಈವರೆಗೆ ಸುಮಾರು 788 ಮಂದಿ ಸಾವನ್ನಪ್ಪಿದ್ದು, ಸಾವಿರಾರು ಮಂದಿ ನಾಪತ್ತೆಯಾಗಿದ್ದಾರೆ. ಭದ್ರತಾ ಪಡೆಗಳು 8,700ಕ್ಕೂ ಹೆಚ್ಚು ಜನರನ್ನು ಸುರಕ್ಷಿತ ಸ್ಥಳಗಳಿಗೆ ಸ್ಥಳಾಂತರಿಸಿವೆ. ಈ ಪ್ರಾಕೃತದಲ್ಲಿ 20,000 ಭದ್ರತಾ ಸಿಬ್ಬಂದಿ ಮತ್ತು 14 ಸೇನಾ ಹೆಲಿಕಾಪ್ಟರ್‌ಗಳನ್ನು ಒಳಗೊಂಡ ತೀವ್ರ ರಕ್ಷಣಾ ಕಾರ್ಯಾಚರಣೆ ನಡೆಸಲಾಗಿದೆ. ಆಗಸ್ಟ್? 26 ರಂದು ಸಂಭವಿಸಿದ ಭೀಕರ ಹಠಾತ್ ಪ್ರವಾಹದಲ್ಲಿ ಸಿಲುಕಿರುವ ಅನೇಕ ಭಾರತೀಯರ ಸುಳಿವು ಸಿಗುತ್ತಿಲ್ಲ. ಕನಿಷ್ಠ 149 ರಿಂದ 180 ಭಾರತೀಯರನ್ನು ಸುರಕ್ಷಿತವಾಗಿ ಸ್ಥಳಾಂತರಿಸಲಾಗಿದೆ ಎಂದು ಅಧಿಕಾರಿಗಳು ದೃಢಪಡಿಸಿದ್ದಾರೆ. ಸುಮಾರು 275 ರಿಂದ 320 ಮಂದಿ ನಾಪತ್ತೆಯಾಗಿದ್ದಾರೆ ಅಥವಾ ಅವರನ್ನು ಸಂಪರ್ಕಿಸಲು ಸಾಧ್ಯವಾಗುತ್ತಿಲ್ಲ. ಇದರಲ್ಲಿ ಆಂಧ್ರಪ್ರದೇಶ ಮೂಲದ 14 ಯಾತ್ರಾರ್ಥಿಗಳು ಇದ್ದಾರೆ. ಅವರಲ್ಲಿ 7 ಮಂದಿ ಆಂಧ್ರಪ್ರದೇಶದವರು ಮತ್ತು 7 ಮಂದಿ ಅನಿವಾಸಿ ಭಾರತೀಯರು ಎಂದು ಮಾಹಿತಿ ನೀಡಿದ್ದಾರೆ. ನೇಪಾಳದಲ್ಲಿ ಸಂಭವಿಸಿದ ಭೀಕರ ಹಠಾತ್ ಪ್ರವಾಹದಿಂದ ಪಾರಾದ 20 ಮಂದಿ ತೆಲುಗು ಯಾತ್ರಾರ್ಥಿಗಳ ಗುಂಪೊಂದು ಟಿಬೆಟ್‌ನಿಂದ ಸುರಕ್ಷಿತವಾಗಿ ಕಠ್ಮಂಡುವನ್ನು ತಲುಪಿದೆ. ಈ ನಡುವೆ ನಾಪತ್ತೆಯಾಗಿರುವ ನೂರಾರು ಮಂದಿಗಾಗಿ ಅಧಿಕಾರಿಗಳು ತೀವ್ರ ಶೋಧ ಕಾರ್ಯವನ್ನು ಮುಂದುವರಿಸಿದ್ದಾರೆ. 144 ಯಾತ್ರಾರ್ಥಿಗಳ ಗುಂಪೊಂದು ಟಿಬೆಟ್ ಸಾಗಾ ಕೌಂಟಿಯಿಂದ ಕೋದಾರಿ ಚೆಕ್‌ಪಾಯಿಂಟ್ ಮೂಲಕ ಕಠ್ಮಂಡುವನ್ನು ಸುರಕ್ಷಿತವಾಗಿ ತಲುಪಿದೆ. ಭೋಟೆಕೋಶಿ ನದಿಯಲ್ಲಿ ನೀರಿನ ಮಟ್ಟ ಏರಿಕೆಯಾಗಿ ಹಿನ್ನೆಲೆಯಲ್ಲಿ, ನೇಪಾಳದ ಅಧಿಕಾರಿಗಳು ಭಾನುವಾರ ಮತ್ತೊಮ್ಮೆ ಪ್ರವಾಹ ಉಂಟಾಗುವ ಸಾಧ್ಯತೆಯ ಬಗ್ಗೆ ಎಚ್ಚರಿಕೆ ನೀಡಿದ್ದಾರೆ. ಭೀಕರ ಪ್ರವಾಹದಿಂದ ತೀವ್ರವಾಗಿ ಹಾನಿಗೊಳಗಾದ ಪ್ರದೇಶವೊಂದಕ್ಕೆ ಕಠ್ಮಂಡು ಸಂಪರ್ಕಿಸುವ ಪ್ರಮುಖ ಹೆದ್ದಾರಿಯನ್ನು ತೆರವುಗೊಳಿಸಲು ರಕ್ಷಣಾ ತಂಡಗಳು ಕಾರ್ಯನಿರ್ವಹಿಸುತ್ತಿದ್ದಂತೆಯೇ, ಭಾನುವಾರ ಮುಂಜಾನೆ ಸಾರ್ವಜನಿಕರ ಮೊಬೈಲ್ ಫೋನ್‌ಗಳಿಗೆ ಪ್ರವಾಹದ ಎಚ್ಚರಿಕೆ ಸಂದೇಶಗಳನ್ನು ರವಾನಿಸಲಾಗಿತ್ತು. ರಾಜ್ಯ ಅಧಿಕಾರಿಗಳು ನೇಪಾಳದ ಸಹವರ್ತಿಗಳೊಂದಿಗೆ ನಿರಂತರ ಸಂವಹನ ನಡೆಸುತ್ತಿದ್ದಾರೆ.
